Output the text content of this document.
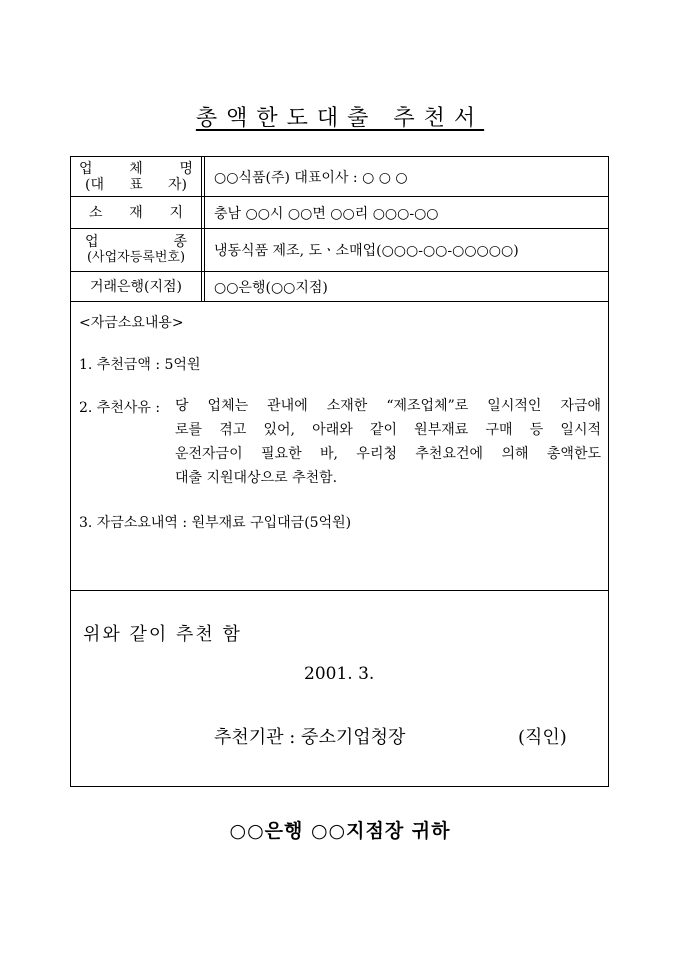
총액한도대출 추천서
업	체	명
(대 표 자) ○○식품(주) 대표이사 : ○ ○ ○
소 재 지 충남 ○○시 ○○면 ○○리 ○○○-○○
업	종
(사업자등록번호)	냉동식품 제조, 도ㆍ소매업(○○○-○○-○○○○○)
거래은행(지점)	○○은행(○○지점)
<자금소요내용>
1. 추천금액 : 5억원
2. 추천사유 : 당 업체는 관내에 소재한 “제조업체”로 일시적인 자금애
로를 겪고 있어, 아래와 같이 원부재료 구매 등 일시적
운전자금이 필요한 바, 우리청 추천요건에 의해 총액한도
대출 지원대상으로 추천함.
3. 자금소요내역 : 원부재료 구입대금(5억원)
위와 같이 추천 함
2001. 3.
추천기관 : 중소기업청장	(직인)
○○은행 ○○지점장 귀하
